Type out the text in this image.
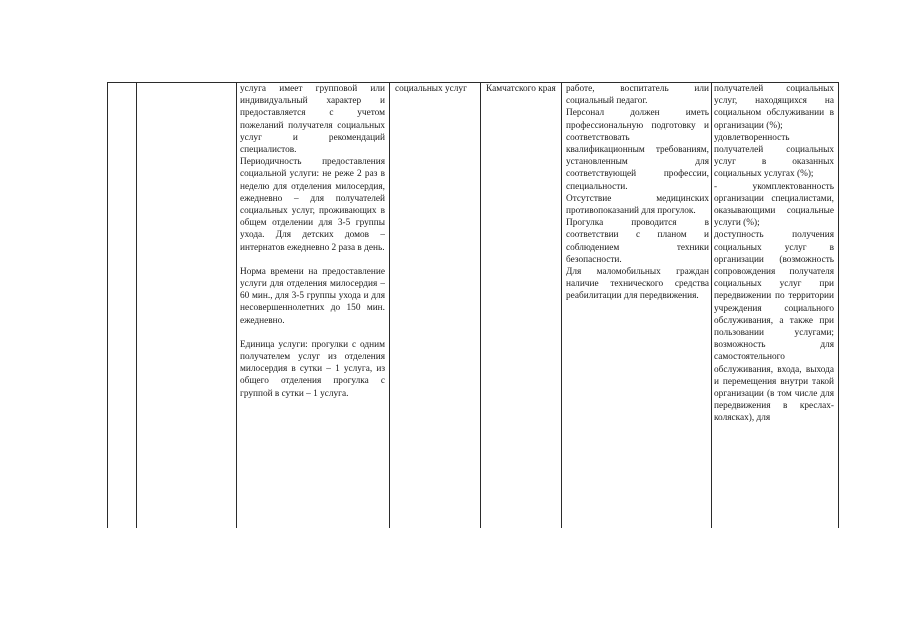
услуга имеет групповой или индивидуальный характер и предоставляется с учетом пожеланий получателя социальных услуг и рекомендаций специалистов.

Периодичность предоставления социальной услуги: не реже 2 раз в неделю для отделения милосердия, ежедневно – для получателей социальных услуг, проживающих в общем отделении для 3-5 группы ухода. Для детских домов – интернатов ежедневно 2 раза в день.

Норма времени на предоставление услуги для отделения милосердия – 60 мин., для 3-5 группы ухода и для несовершеннолетних до 150 мин. ежедневно.

Единица услуги: прогулки с одним получателем услуг из отделения милосердия в сутки – 1 услуга, из общего отделения прогулка с группой в сутки – 1 услуга.

социальных услуг	Камчатского края	работе, воспитатель или социальный педагог.

Персонал должен иметь профессиональную подготовку и соответствовать квалификационным требованиям, установленным для соответствующей профессии, специальности.

Отсутствие медицинских противопоказаний для прогулок.

Прогулка проводится в соответствии с планом и соблюдением техники безопасности.

Для маломобильных граждан наличие технического средства реабилитации для передвижения.

получателей социальных услуг, находящихся на социальном обслуживании в организации (%);

удовлетворенность получателей социальных услуг в оказанных социальных услугах (%);

- укомплектованность организации специалистами, оказывающими социальные услуги (%);

доступность получения социальных услуг в организации (возможность сопровождения получателя социальных услуг при передвижении по территории учреждения социального обслуживания, а также при пользовании услугами; возможность для самостоятельного обслуживания, входа, выхода и перемещения внутри такой организации (в том числе для передвижения в креслах-колясках), для
